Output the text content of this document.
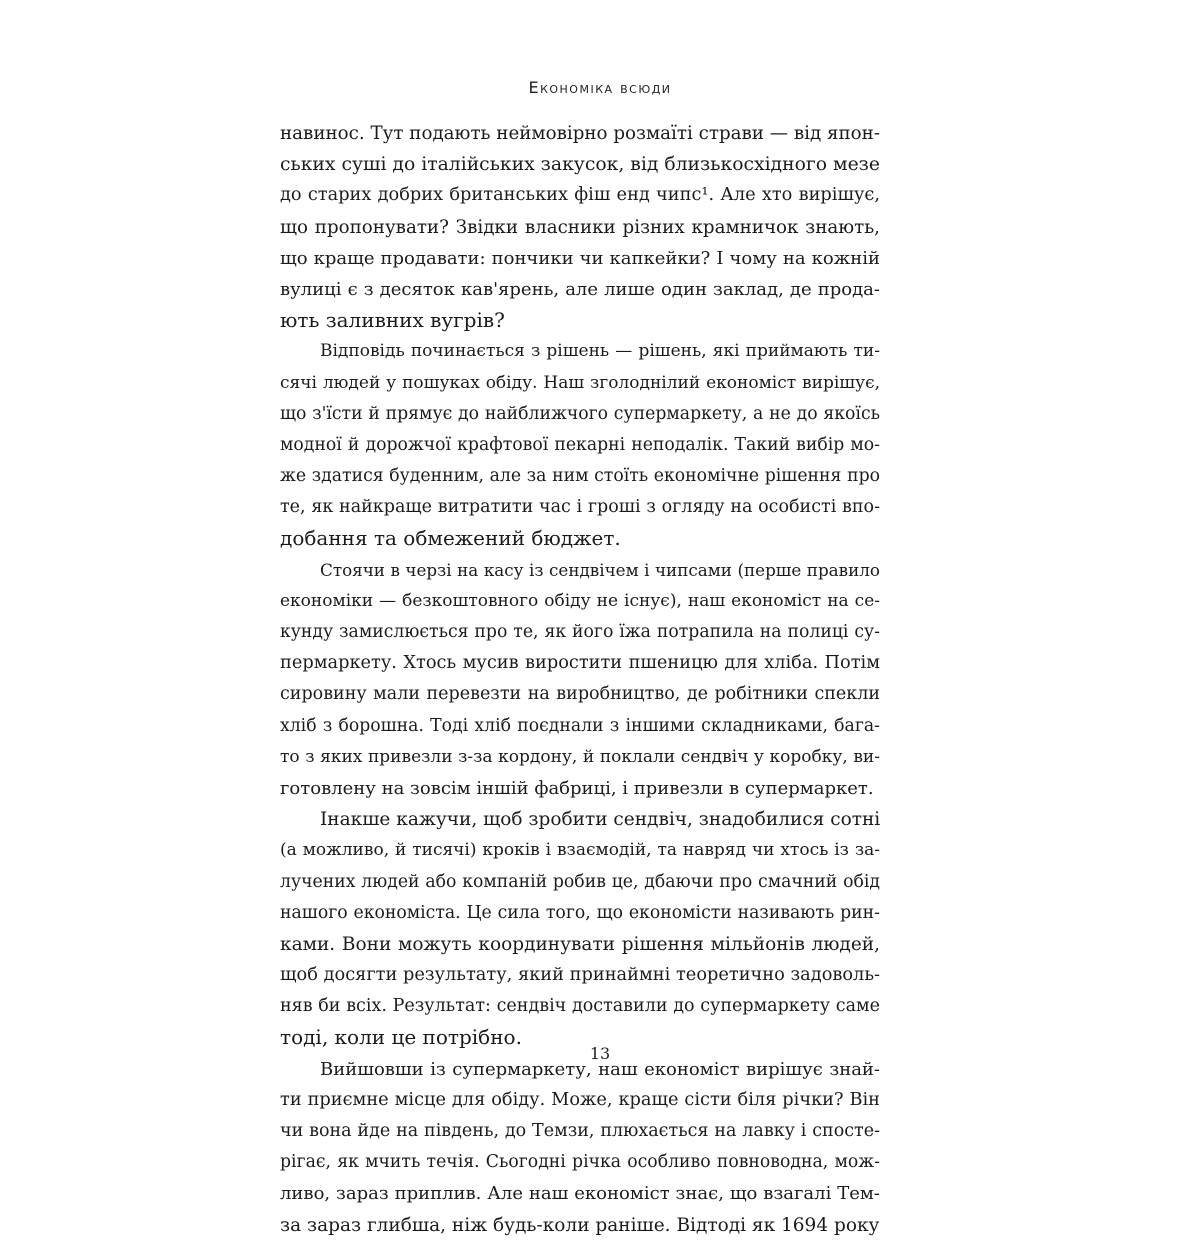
Економіка всюди
навинос. Тут подають неймовірно розмаїті страви — від япон-
ських суші до італійських закусок, від близькосхідного мезе
до старих добрих британських фіш енд чипс¹. Але хто вирішує,
що пропонувати? Звідки власники різних крамничок знають,
що краще продавати: пончики чи капкейки? І чому на кожній
вулиці є з десяток кав'ярень, але лише один заклад, де прода-
ють заливних вугрів?
Відповідь починається з рішень — рішень, які приймають ти-
сячі людей у пошуках обіду. Наш зголоднілий економіст вирішує,
що з'їсти й прямує до найближчого супермаркету, а не до якоїсь
модної й дорожчої крафтової пекарні неподалік. Такий вибір мо-
же здатися буденним, але за ним стоїть економічне рішення про
те, як найкраще витратити час і гроші з огляду на особисті впо-
добання та обмежений бюджет.
Стоячи в черзі на касу із сендвічем і чипсами (перше правило
економіки — безкоштовного обіду не існує), наш економіст на се-
кунду замислюється про те, як його їжа потрапила на полиці су-
пермаркету. Хтось мусив виростити пшеницю для хліба. Потім
сировину мали перевезти на виробництво, де робітники спекли
хліб з борошна. Тоді хліб поєднали з іншими складниками, бага-
то з яких привезли з-за кордону, й поклали сендвіч у коробку, ви-
готовлену на зовсім іншій фабриці, і привезли в супермаркет.
Інакше кажучи, щоб зробити сендвіч, знадобилися сотні
(а можливо, й тисячі) кроків і взаємодій, та навряд чи хтось із за-
лучених людей або компаній робив це, дбаючи про смачний обід
нашого економіста. Це сила того, що економісти називають рин-
ками. Вони можуть координувати рішення мільйонів людей,
щоб досягти результату, який принаймні теоретично задоволь-
няв би всіх. Результат: сендвіч доставили до супермаркету саме
тоді, коли це потрібно.
Вийшовши із супермаркету, наш економіст вирішує знай-
ти приємне місце для обіду. Може, краще сісти біля річки? Він
чи вона йде на південь, до Темзи, плюхається на лавку і спосте-
рігає, як мчить течія. Сьогодні річка особливо повноводна, мож-
ливо, зараз приплив. Але наш економіст знає, що взагалі Тем-
за зараз глибша, ніж будь-коли раніше. Відтоді як 1694 року
13
